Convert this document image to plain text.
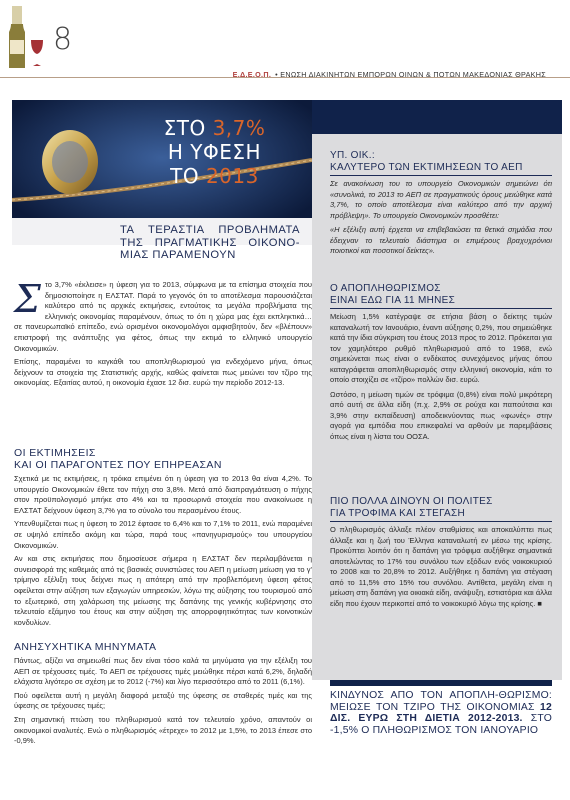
8
Ε.Δ.Ε.Ο.Π. • ΕΝΩΣΗ ΔΙΑΚΙΝΗΤΩΝ ΕΜΠΟΡΩΝ ΟΙΝΩΝ & ΠΟΤΩΝ ΜΑΚΕΔΟΝΙΑΣ ΘΡΑΚΗΣ
ΣΤΟ 3,7%
Η ΥΦΕΣΗ
ΤΟ 2013
ΤΑ ΤΕΡΑΣΤΙΑ ΠΡΟΒΛΗΜΑΤΑ ΤΗΣ ΠΡΑΓΜΑΤΙΚΗΣ ΟΙΚΟΝΟ-ΜΙΑΣ ΠΑΡΑΜΕΝΟΥΝ
Σ το 3,7% «έκλεισε» η ύφεση για το 2013, σύμφωνα με τα επίσημα στοιχεία που δημοσιοποίησε η ΕΛΣΤΑΤ. Παρά το γεγονός ότι το αποτέλεσμα παρουσιάζεται καλύτερο από τις αρχικές εκτιμήσεις, εντούτοις τα μεγάλα προβλήματα της ελληνικής οικονομίας παραμένουν, όπως το ότι η χώρα μας έχει εκπληκτικά… σε πανευρωπαϊκό επίπεδο, ενώ ορισμένοι οικονομολόγοι αμφισβητούν, δεν «βλέπουν» επιστροφή της ανάπτυξης για φέτος, όπως την εκτιμά το ελληνικό υπουργείο Οικονομικών.

Επίσης, παραμένει το καγκάθι του αποπληθωρισμού για ενδεχόμενο μήνα, όπως δείχνουν τα στοιχεία της Στατιστικής αρχής, καθώς φαίνεται πως μειώνει τον τζίρο της οικονομίας. Εξαιτίας αυτού, η οικονομία έχασε 12 δισ. ευρώ την περίοδο 2012-13.

ΟΙ ΕΚΤΙΜΗΣΕΙΣ
ΚΑΙ ΟΙ ΠΑΡΑΓΟΝΤΕΣ ΠΟΥ ΕΠΗΡΕΑΣΑΝ

Σχετικά με τις εκτιμήσεις, η τρόικα επιμένει ότι η ύφεση για το 2013 θα είναι 4,2%. Το υπουργείο Οικονομικών έθετε τον πήχη στο 3,8%. Μετά από διαπραγμάτευση ο πήχης στον προϋπολογισμό μπήκε στο 4% και τα προσωρινά στοιχεία που ανακοίνωσε η ΕΛΣΤΑΤ δείχνουν ύφεση 3,7% για το σύνολο του περασμένου έτους.

Υπενθυμίζεται πως η ύφεση το 2012 έφτασε το 6,4% και το 7,1% το 2011, ενώ παραμένει σε υψηλό επίπεδο ακόμη και τώρα, παρά τους «πανηγυρισμούς» του υπουργείου Οικονομικών.

Αν και στις εκτιμήσεις που δημοσίευσε σήμερα η ΕΛΣΤΑΤ δεν περιλαμβάνεται η συνεισφορά της καθεμιάς από τις βασικές συνιστώσες του ΑΕΠ η μείωση μείωση για το γ' τρίμηνο εξέλιξη τους δείχνει πως η απότερη από την προβλεπόμενη ύφεση φέτος οφείλεται στην αύξηση των εξαγωγών υπηρεσιών, λόγω της αύξησης του τουρισμού από το εξωτερικό, στη χαλάρωση της μείωσης της δαπάνης της γενικής κυβέρνησης στο τελευταίο εξάμηνο του έτους και στην αύξηση της απορροφητικότητας των κοινοτικών κονδυλίων.

ΑΝΗΣΥΧΗΤΙΚΑ ΜΗΝΥΜΑΤΑ

Πάντως, αξίζει να σημειωθεί πως δεν είναι τόσο καλά τα μηνύματα για την εξέλιξη του ΑΕΠ σε τρέχουσες τιμές. Το ΑΕΠ σε τρέχουσες τιμές μειώθηκε πέρσι κατά 6,2%, δηλαδή ελάχιστα λιγότερο σε σχέση με το 2012 (-7%) και λίγο περισσότερο από το 2011 (6,1%).

Πού οφείλεται αυτή η μεγάλη διαφορά μεταξύ της ύφεσης σε σταθερές τιμές και της ύφεσης σε τρέχουσες τιμές;

Στη σημαντική πτώση του πληθωρισμού κατά τον τελευταίο χρόνο, απαντούν οι οικονομικοί αναλυτές. Ενώ ο πληθωρισμός «έτρεχε» το 2012 με 1,5%, το 2013 έπεσε στο -0,9%.

ΥΠ. ΟΙΚ.:
ΚΑΛΥΤΕΡΟ ΤΩΝ ΕΚΤΙΜΗΣΕΩΝ ΤΟ ΑΕΠ

Σε ανακοίνωση του το υπουργείο Οικονομικών σημειώνει ότι «συνολικά, το 2013 το ΑΕΠ σε πραγματικούς όρους μειώθηκε κατά 3,7%, το οποίο αποτέλεσμα είναι καλύτερο από την αρχική πρόβλεψη». Το υπουργείο Οικονομικών προσθέτει:

«Η εξέλιξη αυτή έρχεται να επιβεβαιώσει τα θετικά σημάδια που έδειχναν το τελευταίο διάστημα οι επιμέρους βραχυχρόνιοι ποιοτικοί και ποσοτικοί δείκτες».

Ο ΑΠΟΠΛΗΘΩΡΙΣΜΟΣ
ΕΙΝΑΙ ΕΔΩ ΓΙΑ 11 ΜΗΝΕΣ

Μείωση 1,5% κατέγραψε σε ετήσια βάση ο δείκτης τιμών καταναλωτή τον Ιανουάριο, έναντι αύξησης 0,2%, που σημειώθηκε κατά την ίδια σύγκριση του έτους 2013 προς το 2012. Πρόκειται για τον χαμηλότερο ρυθμό πληθωρισμού από το 1968, ενώ σημειώνεται πως είναι ο ενδέκατος συνεχόμενος μήνας όπου καταγράφεται αποπληθωρισμός στην ελληνική οικονομία, κάτι το οποίο στοιχίζει σε «τζίρο» πολλών δισ. ευρώ.

Ωστόσο, η μείωση τιμών σε τρόφιμα (0,8%) είναι πολύ μικρότερη από αυτή σε άλλα είδη (π.χ. 2,9% σε ρούχα και παπούτσια και 3,9% στην εκπαίδευση) αποδεικνύοντας πως «φωνές» στην αγορά για εμπόδια που επικεφαλεί να αρθούν με παρεμβάσεις όπως είναι η λίστα του ΟΟΣΑ.

ΠΙΟ ΠΟΛΛΑ ΔΙΝΟΥΝ ΟΙ ΠΟΛΙΤΕΣ
ΓΙΑ ΤΡΟΦΙΜΑ ΚΑΙ ΣΤΕΓΑΣΗ

Ο πληθωρισμός άλλαξε πλέον σταθμίσεις και αποκαλύπτει πως άλλαξε και η ζωή του Έλληνα καταναλωτή εν μέσω της κρίσης. Προκύπτει λοιπόν ότι η δαπάνη για τρόφιμα αυξήθηκε σημαντικά αποτελώντας το 17% του συνόλου των εξόδων ενός νοικοκυριού το 2008 και το 20,8% το 2012. Αυξήθηκε η δαπάνη για στέγαση από το 11,5% στο 15% του συνόλου. Αντίθετα, μεγάλη είναι η μείωση στη δαπάνη για οικιακά είδη, ανάψυξη, εστιατόρια και άλλα είδη που έχουν περικοπεί από το νοικοκυριό λόγω της κρίσης. ■

ΚΙΝΔΥΝΟΣ ΑΠΟ ΤΟΝ ΑΠΟΠΛΗ-ΘΩΡΙΣΜΟ: ΜΕΙΩΣΕ ΤΟΝ ΤΖΙΡΟ ΤΗΣ ΟΙΚΟΝΟΜΙΑΣ 12 ΔΙΣ. ΕΥΡΩ ΣΤΗ ΔΙΕΤΙΑ 2012-2013. ΣΤΟ -1,5% Ο ΠΛΗΘΩΡΙΣΜΟΣ ΤΟΝ ΙΑΝΟΥΑΡΙΟ
